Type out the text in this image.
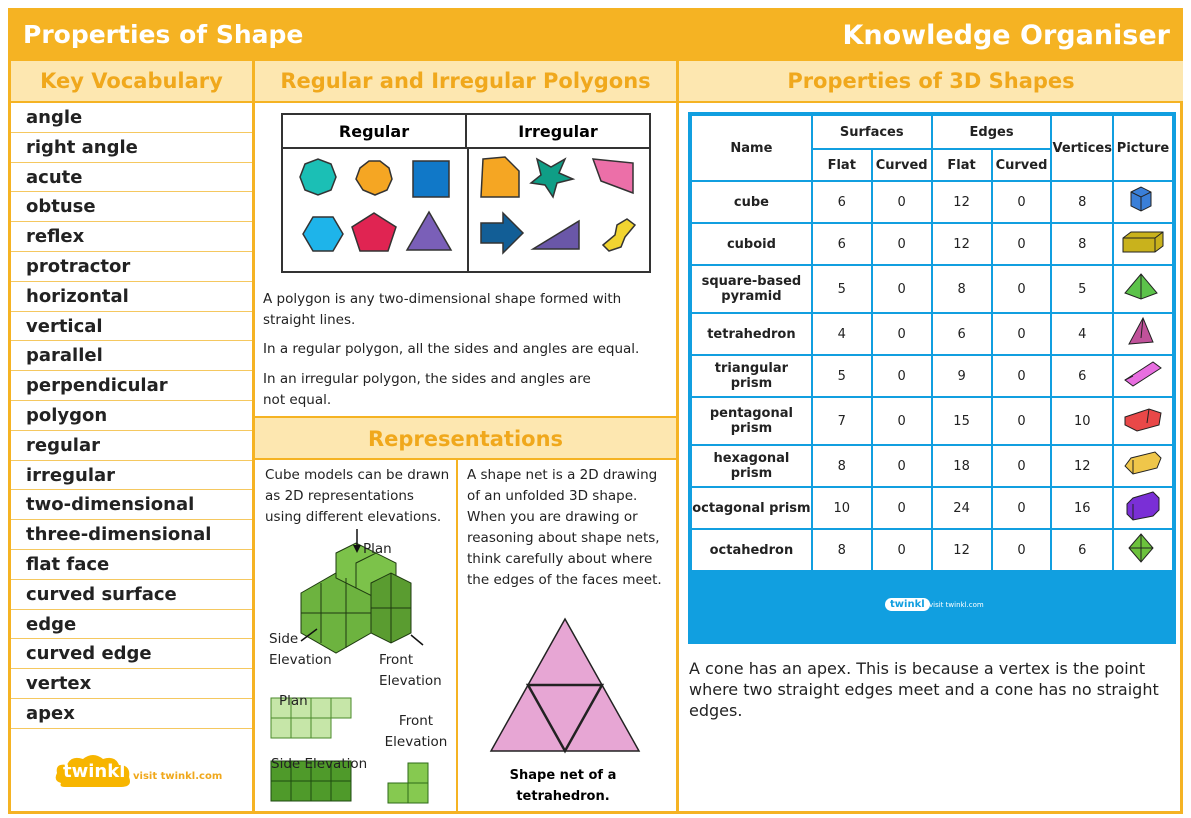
Properties of Shape	Knowledge Organiser
Key Vocabulary
angle
right angle
acute
obtuse
reflex
protractor
horizontal
vertical
parallel
perpendicular
polygon
regular
irregular
two-dimensional
three-dimensional
flat face
curved surface
edge
curved edge
vertex
apex
twinkl visit twinkl.com
Regular and Irregular Polygons
Regular	Irregular
A polygon is any two-dimensional shape formed with straight lines.
In a regular polygon, all the sides and angles are equal.
In an irregular polygon, the sides and angles are not equal.
Representations
Cube models can be drawn as 2D representations using different elevations.
Plan
Side Elevation	Front Elevation
Plan
Side Elevation
Front Elevation
A shape net is a 2D drawing of an unfolded 3D shape. When you are drawing or reasoning about shape nets, think carefully about where the edges of the faces meet.
Shape net of a tetrahedron.
Properties of 3D Shapes
Name	Surfaces		Edges		Vertices	Picture
	Flat	Curved	Flat	Curved		
cube	6	0	12	0	8	
cuboid	6	0	12	0	8	
square-based pyramid	5	0	8	0	5	
tetrahedron	4	0	6	0	4	
triangular prism	5	0	9	0	6	
pentagonal prism	7	0	15	0	10	
hexagonal prism	8	0	18	0	12	
octagonal prism	10	0	24	0	16	
octahedron	8	0	12	0	6	
twinkl visit twinkl.com
A cone has an apex. This is because a vertex is the point where two straight edges meet and a cone has no straight edges.
